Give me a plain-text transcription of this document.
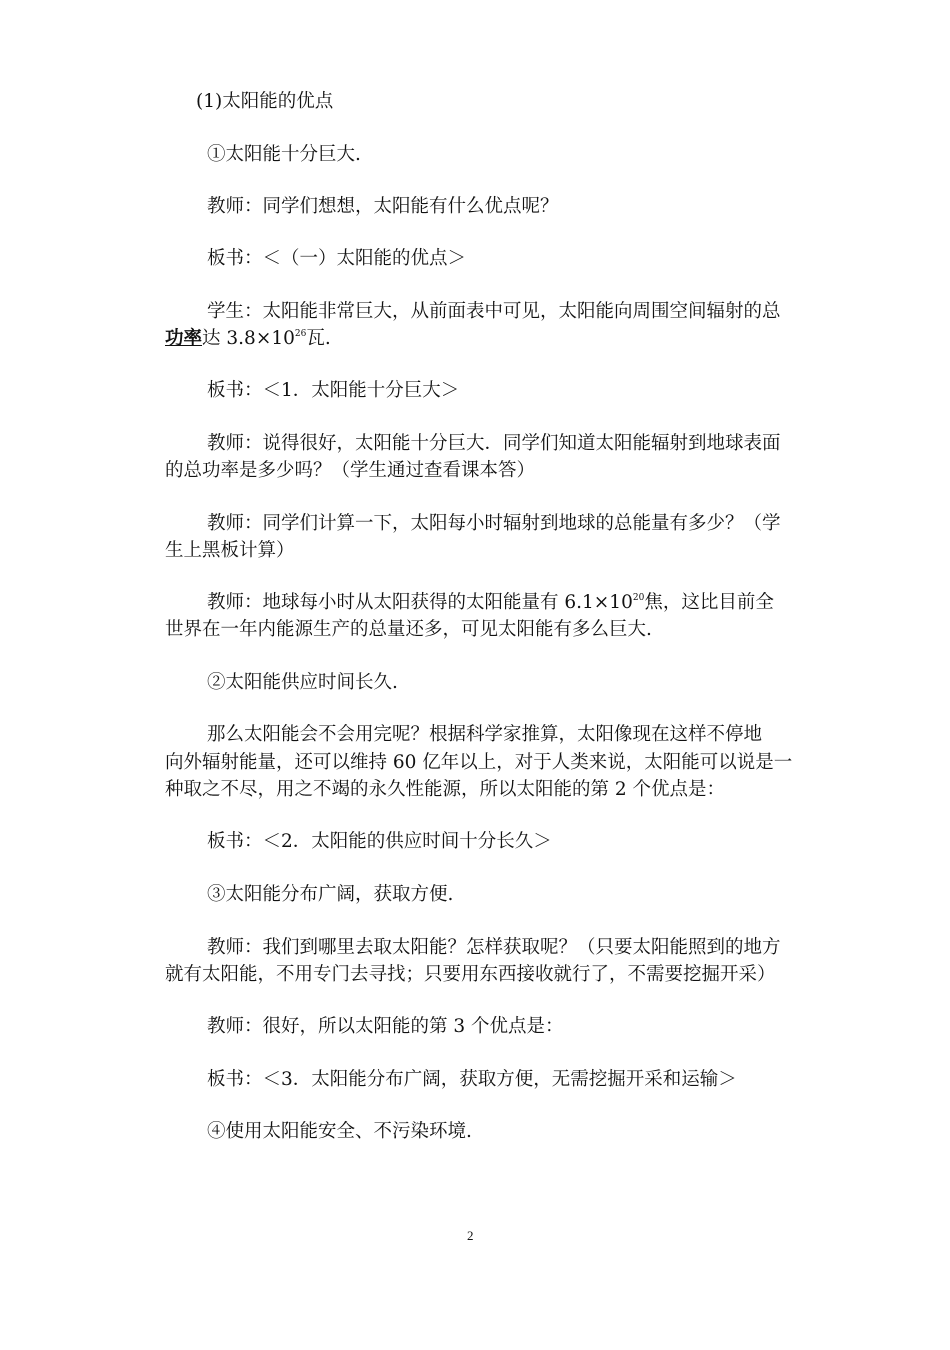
(1)太阳能的优点
①太阳能十分巨大.
教师：同学们想想，太阳能有什么优点呢？
板书：＜（一）太阳能的优点＞
学生：太阳能非常巨大，从前面表中可见，太阳能向周围空间辐射的总
功率达 $3.8\times 10^{26}$瓦.
板书：＜1．太阳能十分巨大＞
教师：说得很好，太阳能十分巨大．同学们知道太阳能辐射到地球表面
的总功率是多少吗？（学生通过查看课本答）
教师：同学们计算一下，太阳每小时辐射到地球的总能量有多少？（学
生上黑板计算）
教师：地球每小时从太阳获得的太阳能量有 $6.1\times 10^{20}$焦，这比目前全
世界在一年内能源生产的总量还多，可见太阳能有多么巨大.
②太阳能供应时间长久.
那么太阳能会不会用完呢？根据科学家推算，太阳像现在这样不停地
向外辐射能量，还可以维持 60 亿年以上，对于人类来说，太阳能可以说是一
种取之不尽，用之不竭的永久性能源，所以太阳能的第 2 个优点是：
板书：＜2．太阳能的供应时间十分长久＞
③太阳能分布广阔，获取方便.
教师：我们到哪里去取太阳能？怎样获取呢？（只要太阳能照到的地方
就有太阳能，不用专门去寻找；只要用东西接收就行了，不需要挖掘开采）
教师：很好，所以太阳能的第 3 个优点是：
板书：＜3．太阳能分布广阔，获取方便，无需挖掘开采和运输＞
④使用太阳能安全、不污染环境.
2
